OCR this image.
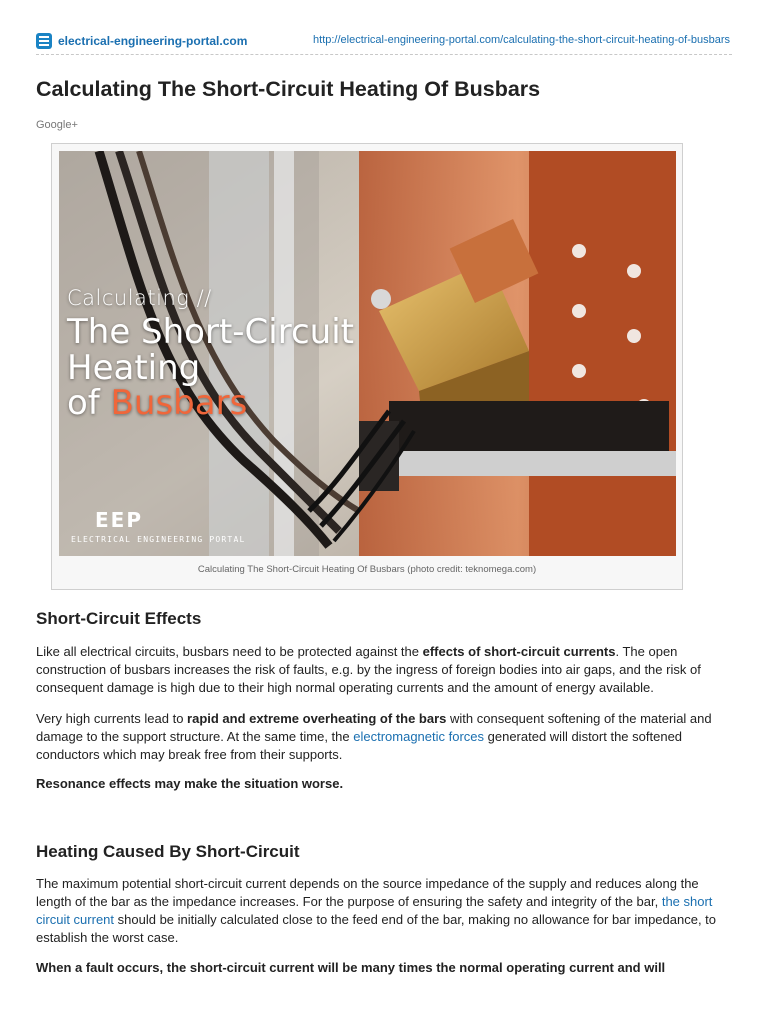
electrical-engineering-portal.com	http://electrical-engineering-portal.com/calculating-the-short-circuit-heating-of-busbars
Calculating The Short-Circuit Heating Of Busbars
Google+
Calculating //
The Short-Circuit
Heating
of Busbars
EEP
ELECTRICAL ENGINEERING PORTAL
Calculating The Short-Circuit Heating Of Busbars (photo credit: teknomega.com)
Short-Circuit Effects

Like all electrical circuits, busbars need to be protected against the effects of short-circuit currents. The open construction of busbars increases the risk of faults, e.g. by the ingress of foreign bodies into air gaps, and the risk of consequent damage is high due to their high normal operating currents and the amount of energy available.

Very high currents lead to rapid and extreme overheating of the bars with consequent softening of the material and damage to the support structure. At the same time, the electromagnetic forces generated will distort the softened conductors which may break free from their supports.

Resonance effects may make the situation worse.

Heating Caused By Short-Circuit

The maximum potential short-circuit current depends on the source impedance of the supply and reduces along the length of the bar as the impedance increases. For the purpose of ensuring the safety and integrity of the bar, the short circuit current should be initially calculated close to the feed end of the bar, making no allowance for bar impedance, to establish the worst case.

When a fault occurs, the short-circuit current will be many times the normal operating current and will
